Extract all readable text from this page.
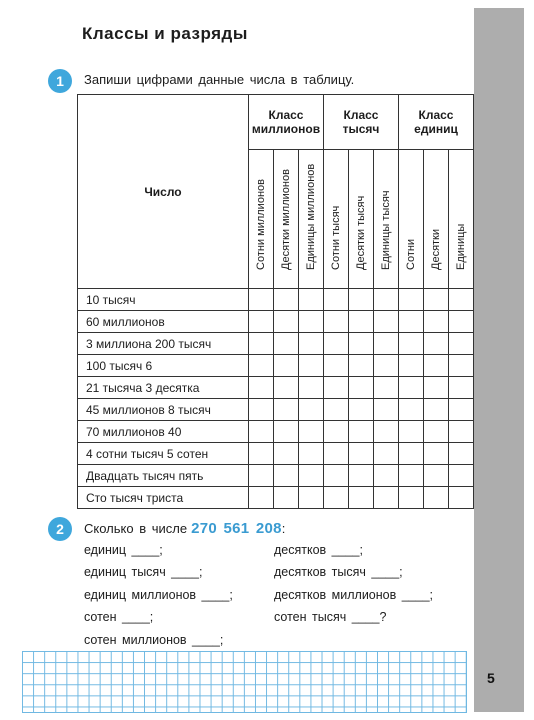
Классы и разряды
1	Запиши цифрами данные числа в таблицу.
Число	Класс миллионов			Класс тысяч			Класс единиц		

	Сотни миллионов	Десятки миллионов	Единицы миллионов	Сотни тысяч	Десятки тысяч	Единицы тысяч	Сотни	Десятки	Единицы

10 тысяч									
60 миллионов									
3 миллиона 200 тысяч									
100 тысяч 6									
21 тысяча 3 десятка									
45 миллионов 8 тысяч									
70 миллионов 40									
4 сотни тысяч 5 сотен									
Двадцать тысяч пять									
Сто тысяч триста									
2	Сколько в числе 270 561 208:
единиц ____;
единиц тысяч ____;
единиц миллионов ____;
сотен ____;
сотен миллионов ____;
десятков ____;
десятков тысяч ____;
десятков миллионов ____;
сотен тысяч ____?
5
